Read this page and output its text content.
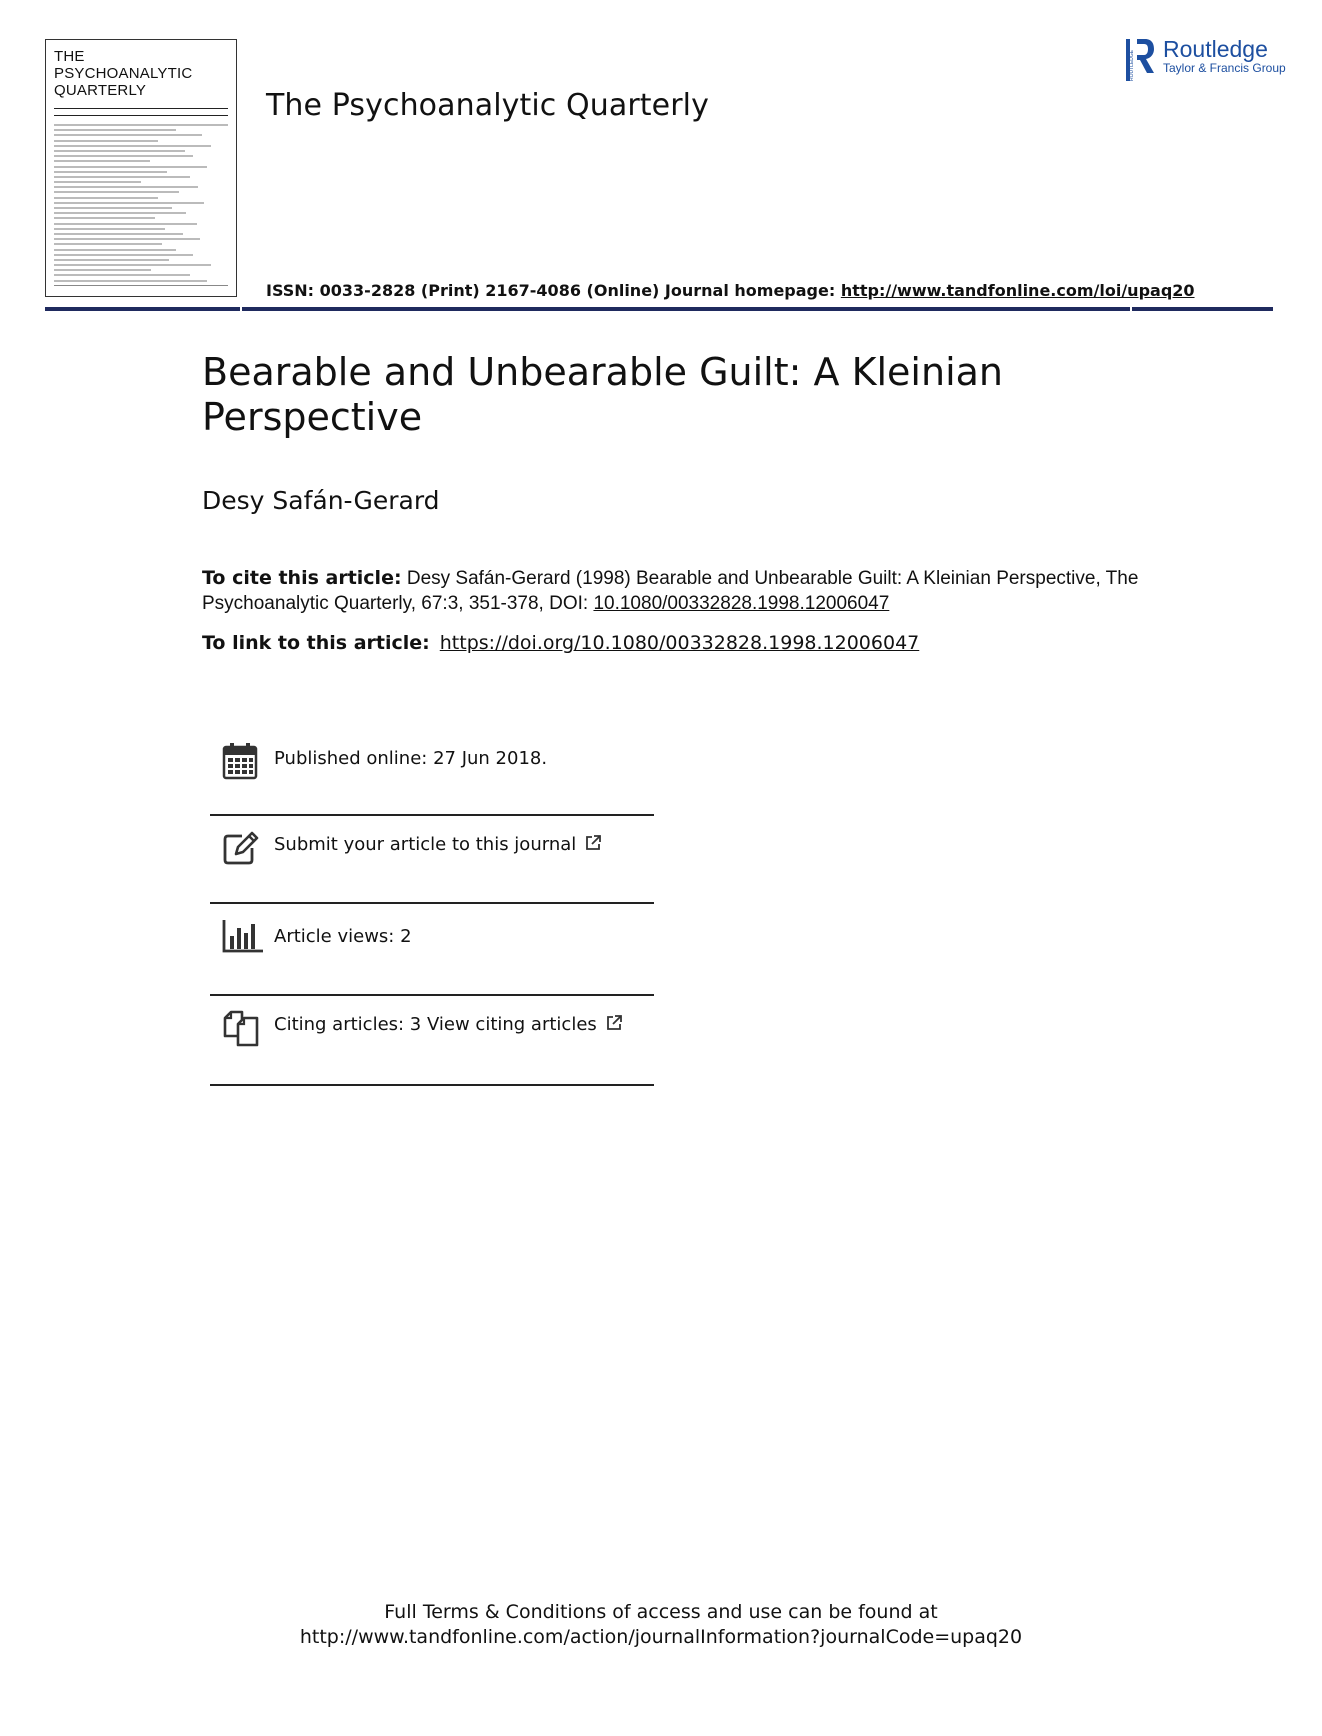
THE
PSYCHOANALYTIC
QUARTERLY	The Psychoanalytic Quarterly
ROUTLEDGE
Routledge
Taylor & Francis Group
ISSN: 0033-2828 (Print) 2167-4086 (Online) Journal homepage: http://www.tandfonline.com/loi/upaq20
Bearable and Unbearable Guilt: A Kleinian Perspective
Desy Safán-Gerard
To cite this article: Desy Safán-Gerard (1998) Bearable and Unbearable Guilt: A Kleinian Perspective, The Psychoanalytic Quarterly, 67:3, 351-378, DOI: 10.1080/00332828.1998.12006047
To link to this article: https://doi.org/10.1080/00332828.1998.12006047
Published online: 27 Jun 2018.
Submit your article to this journal
Article views: 2
Citing articles: 3 View citing articles
Full Terms & Conditions of access and use can be found at
http://www.tandfonline.com/action/journalInformation?journalCode=upaq20
